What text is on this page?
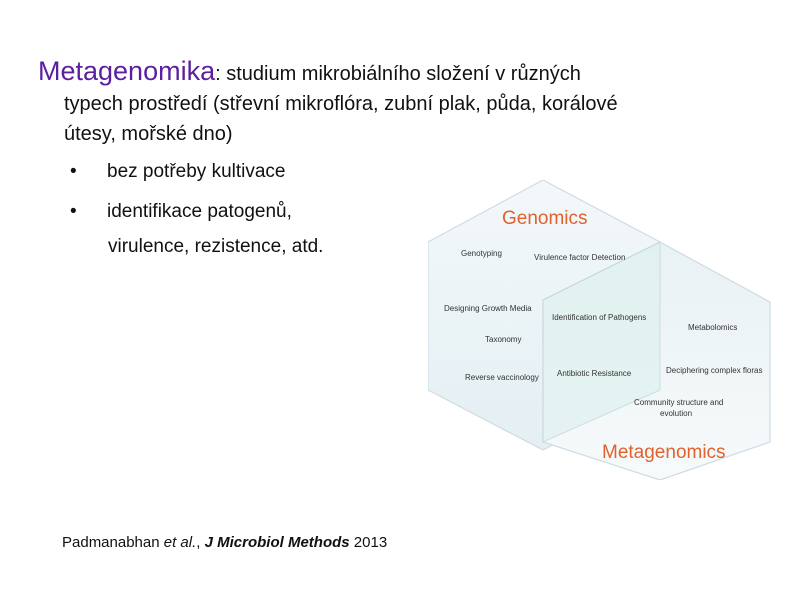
Metagenomika: studium mikrobiálního složení v různých
typech prostředí (střevní mikroflóra, zubní plak, půda, korálové
útesy, mořské dno)

• bez potřeby kultivace
• identifikace patogenů,
virulence, rezistence, atd.
Genomics
Metagenomics
Genotyping	Virulence factor Detection
Designing Growth Media
Identification of Pathogens
Metabolomics
Taxonomy
Reverse vaccinology Antibiotic Resistance	Deciphering complex floras
Community structure and
evolution
Padmanabhan et al., J Microbiol Methods 2013
